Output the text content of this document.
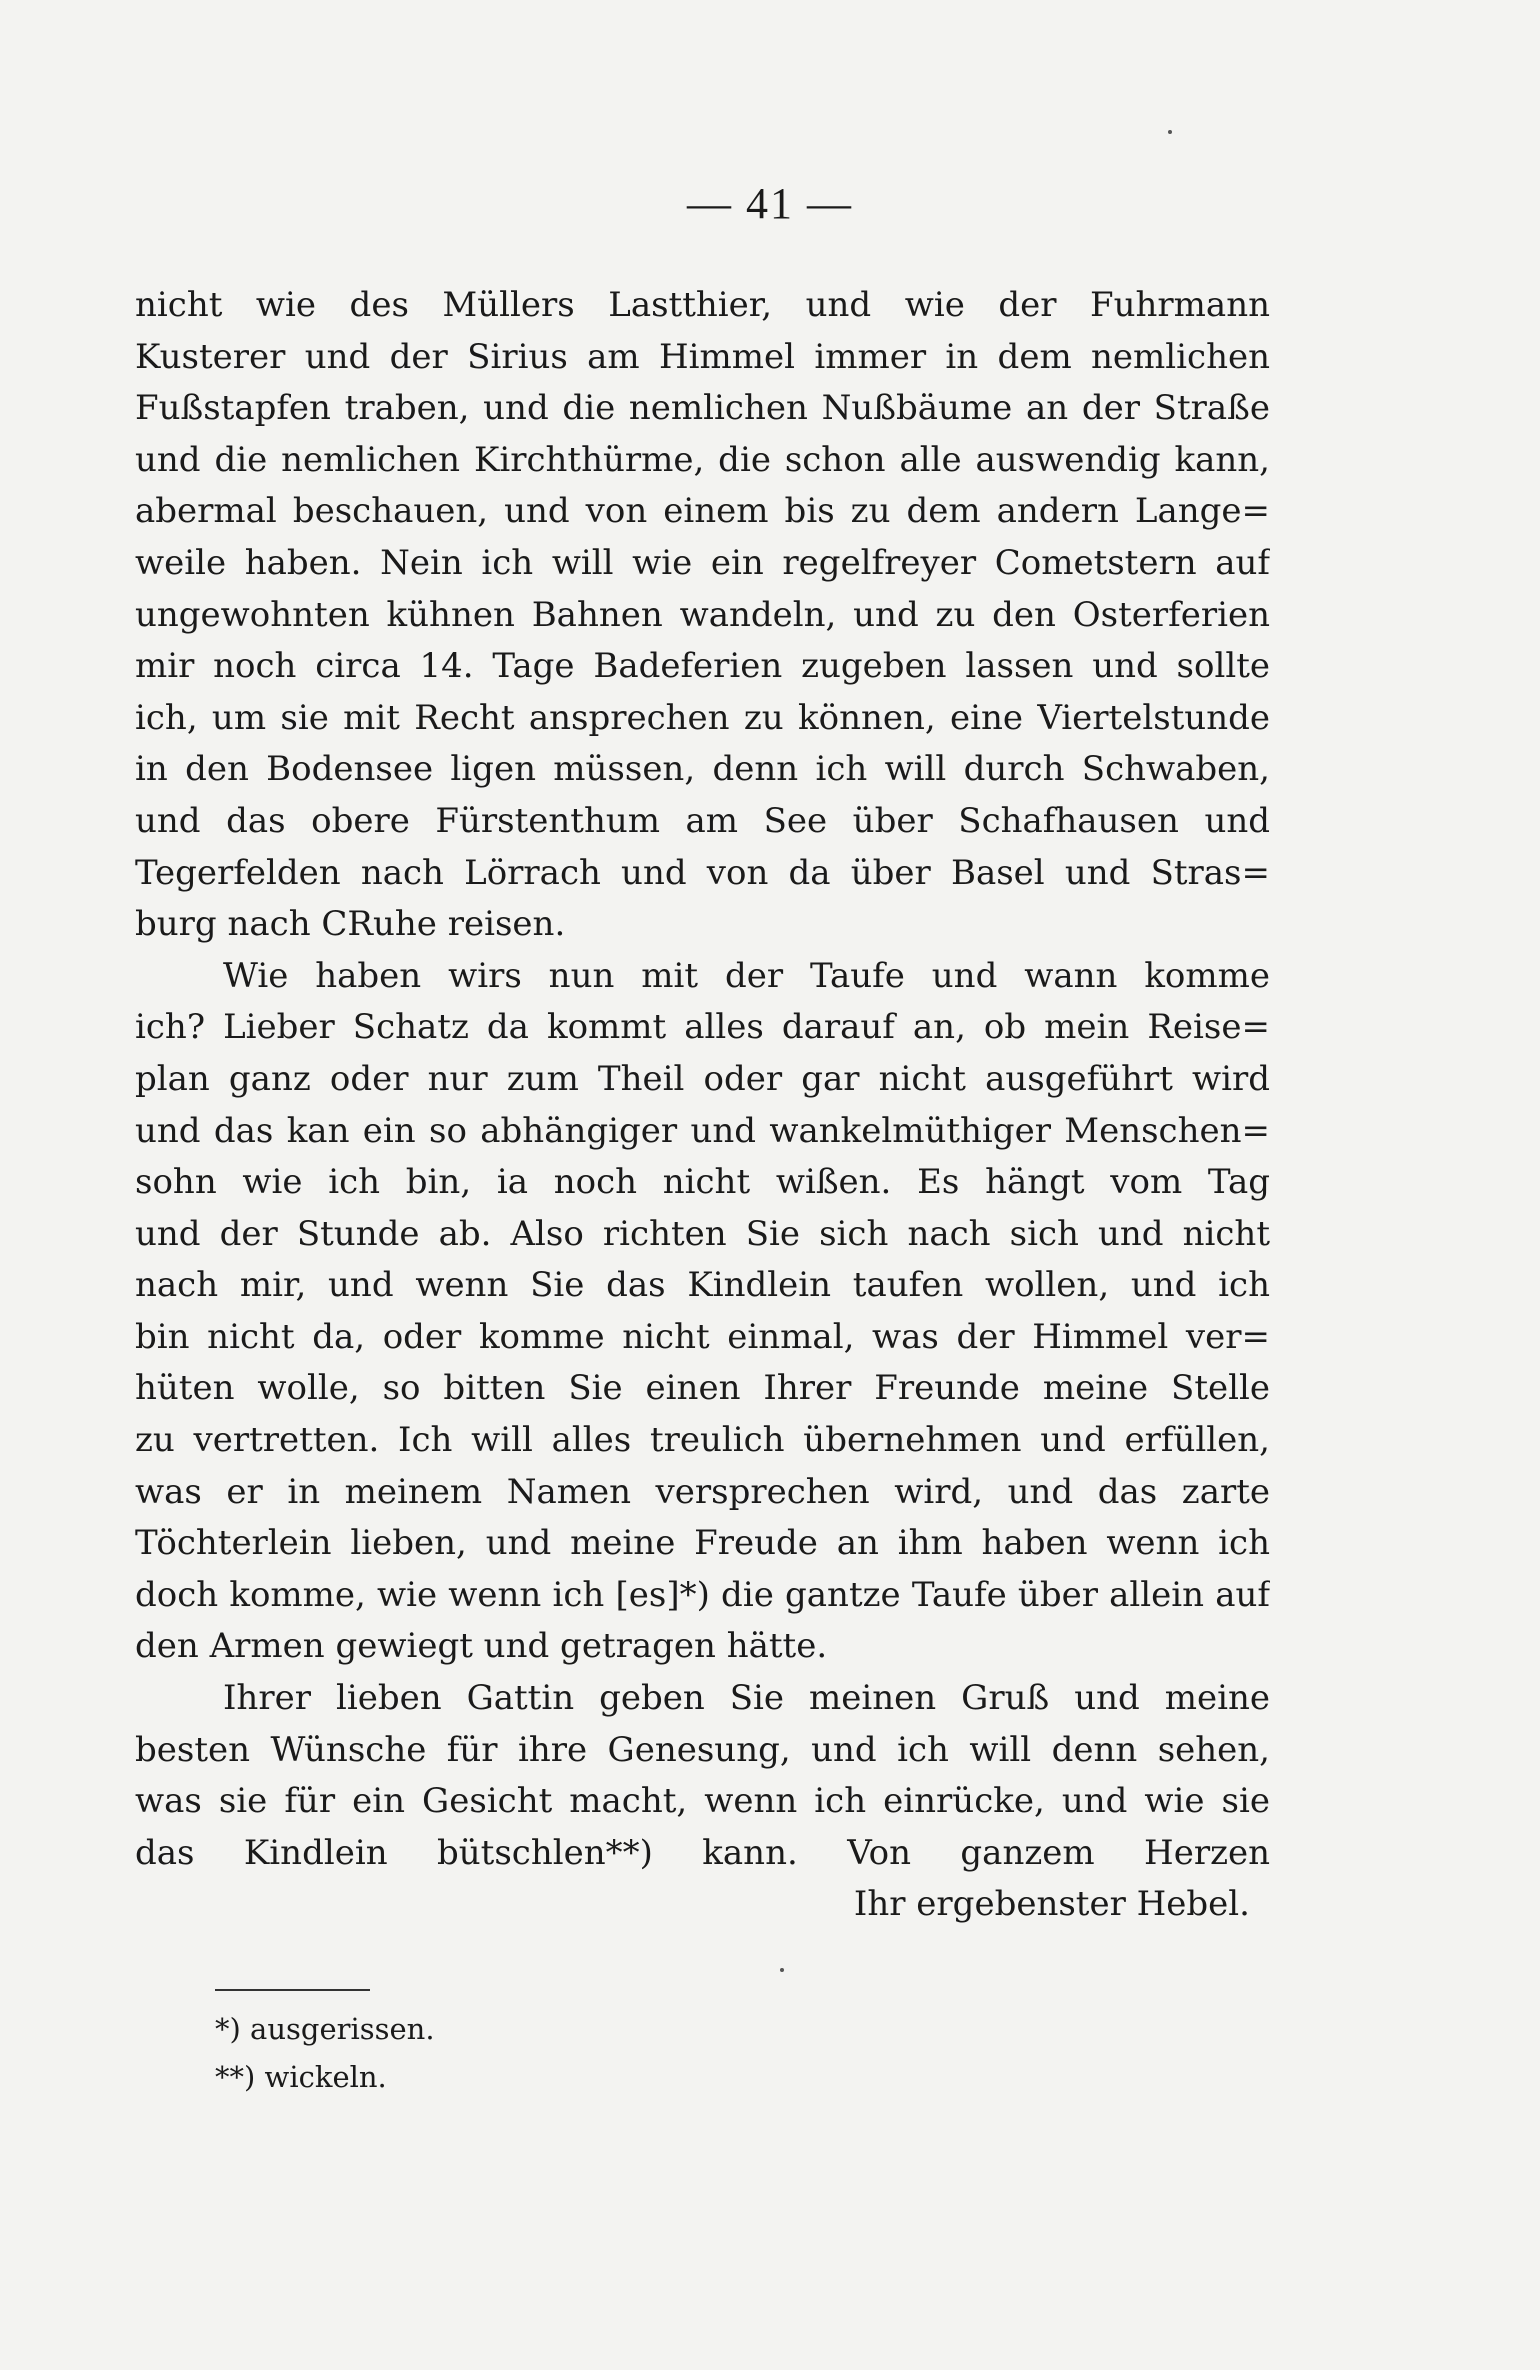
— 41 —
nicht wie des Müllers Lastthier, und wie der Fuhrmann
Kusterer und der Sirius am Himmel immer in dem nemlichen
Fußstapfen traben, und die nemlichen Nußbäume an der Straße
und die nemlichen Kirchthürme, die schon alle auswendig kann,
abermal beschauen, und von einem bis zu dem andern Lange=
weile haben. Nein ich will wie ein regelfreyer Cometstern auf
ungewohnten kühnen Bahnen wandeln, und zu den Osterferien
mir noch circa 14. Tage Badeferien zugeben lassen und sollte
ich, um sie mit Recht ansprechen zu können, eine Viertelstunde
in den Bodensee ligen müssen, denn ich will durch Schwaben,
und das obere Fürstenthum am See über Schafhausen und
Tegerfelden nach Lörrach und von da über Basel und Stras=
burg nach CRuhe reisen.
Wie haben wirs nun mit der Taufe und wann komme
ich? Lieber Schatz da kommt alles darauf an, ob mein Reise=
plan ganz oder nur zum Theil oder gar nicht ausgeführt wird
und das kan ein so abhängiger und wankelmüthiger Menschen=
sohn wie ich bin, ia noch nicht wißen. Es hängt vom Tag
und der Stunde ab. Also richten Sie sich nach sich und nicht
nach mir, und wenn Sie das Kindlein taufen wollen, und ich
bin nicht da, oder komme nicht einmal, was der Himmel ver=
hüten wolle, so bitten Sie einen Ihrer Freunde meine Stelle
zu vertretten. Ich will alles treulich übernehmen und erfüllen,
was er in meinem Namen versprechen wird, und das zarte
Töchterlein lieben, und meine Freude an ihm haben wenn ich
doch komme, wie wenn ich [es]*) die gantze Taufe über allein auf
den Armen gewiegt und getragen hätte.
Ihrer lieben Gattin geben Sie meinen Gruß und meine
besten Wünsche für ihre Genesung, und ich will denn sehen,
was sie für ein Gesicht macht, wenn ich einrücke, und wie sie
das Kindlein bütschlen**) kann. Von ganzem Herzen
Ihr ergebenster Hebel.
*) ausgerissen.
**) wickeln.
